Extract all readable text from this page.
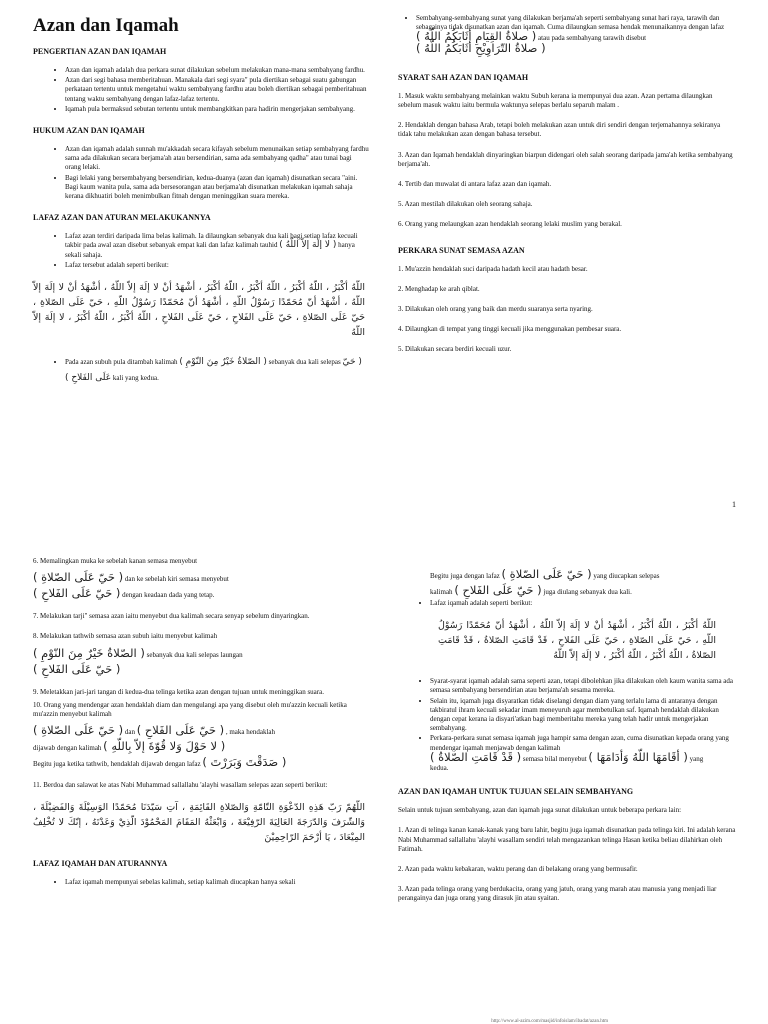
Azan dan Iqamah
PENGERTIAN AZAN DAN IQAMAH
• Azan dan iqamah adalah dua perkara sunat dilakukan sebelum melakukan mana-mana sembahyang fardhu.
• Azan dari segi bahasa memberitahuan. Manakala dari segi syara" pula diertikan sebagai suatu gabungan perkataan tertentu untuk mengetahui waktu sembahyang fardhu atau boleh diertikan sebagai pemberitahuan tentang waktu sembahyang dengan lafaz-lafaz tertentu.
• Iqamah pula bermaksud sebutan tertentu untuk membangkitkan para hadirin mengerjakan sembahyang.
HUKUM AZAN DAN IQAMAH
• Azan dan iqamah adalah sunnah mu'akkadah secara kifayah sebelum menunaikan setiap sembahyang fardhu sama ada dilakukan secara berjama'ah atau bersendirian, sama ada sembahyang qadha" atau tunai bagi orang lelaki.
• Bagi lelaki yang bersembahyang bersendirian, kedua-duanya (azan dan iqamah) disunatkan secara "aini. Bagi kaum wanita pula, sama ada bersesorangan atau berjama'ah disunatkan melakukan iqamah sahaja kerana dikhuatiri boleh menimbulkan fitnah dengan meninggikan suara mereka.
LAFAZ AZAN DAN ATURAN MELAKUKANNYA
• Lafaz azan terdiri daripada lima belas kalimah. Ia dilaungkan sebanyak dua kali bagi setiap lafaz kecuali takbir pada awal azan disebut sebanyak empat kali dan lafaz kalimah tauhid ( لا إلَهَ إلاّ اللّهُ ) hanya sekali sahaja.
• Lafaz tersebut adalah seperti berikut:
اللّهُ أكْبَرُ ، اللّهُ أكْبَرُ ، اللّهُ أكْبَرُ ، اللّهُ أكْبَرُ ، أشْهَدُ أنْ لا إلَهَ إلاّ اللّهُ ، أشْهَدُ أنْ لا إلَهَ إلاّ اللّهُ ، أشْهَدُ أنّ مُحَمّدًا رَسُوْلُ اللّهِ ، أشْهَدُ أنّ مُحَمّدًا رَسُوْلُ اللّهِ ، حَيّ عَلَى الصّلاةِ ، حَيّ عَلَى الصّلاةِ ، حَيّ عَلَى الفَلاحِ ، حَيّ عَلَى الفَلاحِ ، اللّهُ أكْبَرُ ، اللّهُ أكْبَرُ ، لا إلَهَ إلاّ اللّهُ
• Pada azan subuh pula ditambah kalimah ( الصّلاةُ خَيْرٌ مِنَ النّوْمِ ) sebanyak dua kali selepas ( حَيّ عَلَى الفَلاحِ ) kali yang kedua.
• Sembahyang-sembahyang sunat yang dilakukan berjama'ah seperti sembahyang sunat hari raya, tarawih dan sebagainya tidak disunatkan azan dan iqamah. Cuma dilaungkan semasa hendak menunaikannya dengan lafaz
( صلاةُ القِيَامِ أثَابَكُمُ اللّهُ ) atau pada sembahyang tarawih disebut
( صلاةُ التّرَاوِيْحِ أثَابَكُمُ اللّهُ )
SYARAT SAH AZAN DAN IQAMAH
1. Masuk waktu sembahyang melainkan waktu Subuh kerana ia mempunyai dua azan. Azan pertama dilaungkan sebelum masuk waktu iaitu bermula waktunya selepas berlalu separuh malam .
2. Hendaklah dengan bahasa Arab, tetapi boleh melakukan azan untuk diri sendiri dengan terjemahannya sekiranya tidak tahu melakukan azan dengan bahasa tersebut.
3. Azan dan Iqamah hendaklah dinyaringkan biarpun didengari oleh salah seorang daripada jama'ah ketika sembahyang berjama'ah.
4. Tertib dan muwalat di antara lafaz azan dan iqamah.
5. Azan mestilah dilakukan oleh seorang sahaja.
6. Orang yang melaungkan azan hendaklah seorang lelaki muslim yang berakal.
PERKARA SUNAT SEMASA AZAN
1. Mu'azzin hendaklah suci daripada hadath kecil atau hadath besar.
2. Menghadap ke arah qiblat.
3. Dilakukan oleh orang yang baik dan merdu suaranya serta nyaring.
4. Dilaungkan di tempat yang tinggi kecuali jika menggunakan pembesar suara.
5. Dilakukan secara berdiri kecuali uzur.
1
6. Memalingkan muka ke sebelah kanan semasa menyebut
( حَيّ عَلَى الصّلاةِ ) dan ke sebelah kiri semasa menyebut
( حَيّ عَلَى الفَلاحِ ) dengan keadaan dada yang tetap.
7. Melakukan tarji" semasa azan iaitu menyebut dua kalimah secara senyap sebelum dinyaringkan.
8. Melakukan tathwib semasa azan subuh iaitu menyebut kalimah
( الصّلاةُ خَيْرٌ مِنَ النّوْمِ ) sebanyak dua kali selepas laungan
( حَيّ عَلَى الفَلاحِ )
9. Meletakkan jari-jari tangan di kedua-dua telinga ketika azan dengan tujuan untuk meninggikan suara.
10. Orang yang mendengar azan hendaklah diam dan mengulangi apa yang disebut oleh mu'azzin kecuali ketika mu'azzin menyebut kalimah
( حَيّ عَلَى الصّلاةِ ) dan ( حَيّ عَلَى الفَلاحِ ) , maka hendaklah
dijawab dengan kalimah ( لا حَوْلَ وَلا قُوّةَ إلاّ بِاللّهِ )
Begitu juga ketika tathwib, hendaklah dijawab dengan lafaz ( صَدَقْتَ وَبَرَرْتَ )
11. Berdoa dan salawat ke atas Nabi Muhammad sallallahu 'alayhi wasallam selepas azan seperti berikut:
اللّهُمّ رَبّ هَذِهِ الدّعْوَةِ التّامّةِ وَالصّلاةِ القَائِمَةِ ، آتِ سَيّدَنَا مُحَمّدًا الوَسِيْلَةَ وَالفَضِيْلَةَ ، وَالشّرَفَ وَالدّرَجَةَ العَالِيَةَ الرّفِيْعَةَ ، وَابْعَثْهُ المَقَامَ المَحْمُوْدَ الّذِيْ وَعَدْتَهُ ، إنّكَ لا تُخْلِفُ المِيْعَادَ ، يَا أرْحَمَ الرّاحِمِيْنَ
LAFAZ IQAMAH DAN ATURANNYA
• Lafaz iqamah mempunyai sebelas kalimah, setiap kalimah diucapkan hanya sekali
Begitu juga dengan lafaz ( حَيّ عَلَى الصّلاةِ ) yang diucapkan selepas
kalimah ( حَيّ عَلَى الفَلاحِ ) juga diulang sebanyak dua kali.
• Lafaz iqamah adalah seperti berikut:
اللّهُ أكْبَرُ ، اللّهُ أكْبَرُ ، أشْهَدُ أنْ لا إلَهَ إلاّ اللّهُ ، أشْهَدُ أنّ مُحَمّدًا رَسُوْلُ اللّهِ ، حَيّ عَلَى الصّلاةِ ، حَيّ عَلَى الفَلاحِ ، قَدْ قَامَتِ الصّلاةُ ، قَدْ قَامَتِ الصّلاةُ ، اللّهُ أكْبَرُ ، اللّهُ أكْبَرُ ، لا إلَهَ إلاّ اللّهُ
• Syarat-syarat iqamah adalah sama seperti azan, tetapi dibolehkan jika dilakukan oleh kaum wanita sama ada semasa sembahyang bersendirian atau berjama'ah sesama mereka.
• Selain itu, iqamah juga disyaratkan tidak diselangi dengan diam yang terlalu lama di antaranya dengan takbiratul ihram kecuali sekadar imam meneyuruh agar membetulkan saf. Iqamah hendaklah dilakukan dengan cepat kerana ia disyari'atkan bagi memberitahu mereka yang telah hadir untuk mengerjakan sembahyang.
• Perkara-perkara sunat semasa iqamah juga hampir sama dengan azan, cuma disunatkan kepada orang yang mendengar iqamah menjawab dengan kalimah
( قَدْ قَامَتِ الصّلاةُ ) semasa bilal menyebut ( أقَامَهَا اللّهُ وَأدَامَهَا ) yang
kedua.
AZAN DAN IQAMAH UNTUK TUJUAN SELAIN SEMBAHYANG
Selain untuk tujuan sembahyang, azan dan iqamah juga sunat dilakukan untuk beberapa perkara lain:
1. Azan di telinga kanan kanak-kanak yang baru lahir, begitu juga iqamah disunatkan pada telinga kiri. Ini adalah kerana Nabi Muhammad sallallahu 'alayhi wasallam sendiri telah mengazankan telinga Hasan ketika beliau dilahirkan oleh Fatimah.
2. Azan pada waktu kebakaran, waktu perang dan di belakang orang yang bermusafir.
3. Azan pada telinga orang yang berdukacita, orang yang jatuh, orang yang marah atau manusia yang menjadi liar perangainya dan juga orang yang dirasuk jin atau syaitan.
http://www.al-azim.com/masjid/infoislam/ibadat/azan.htm
